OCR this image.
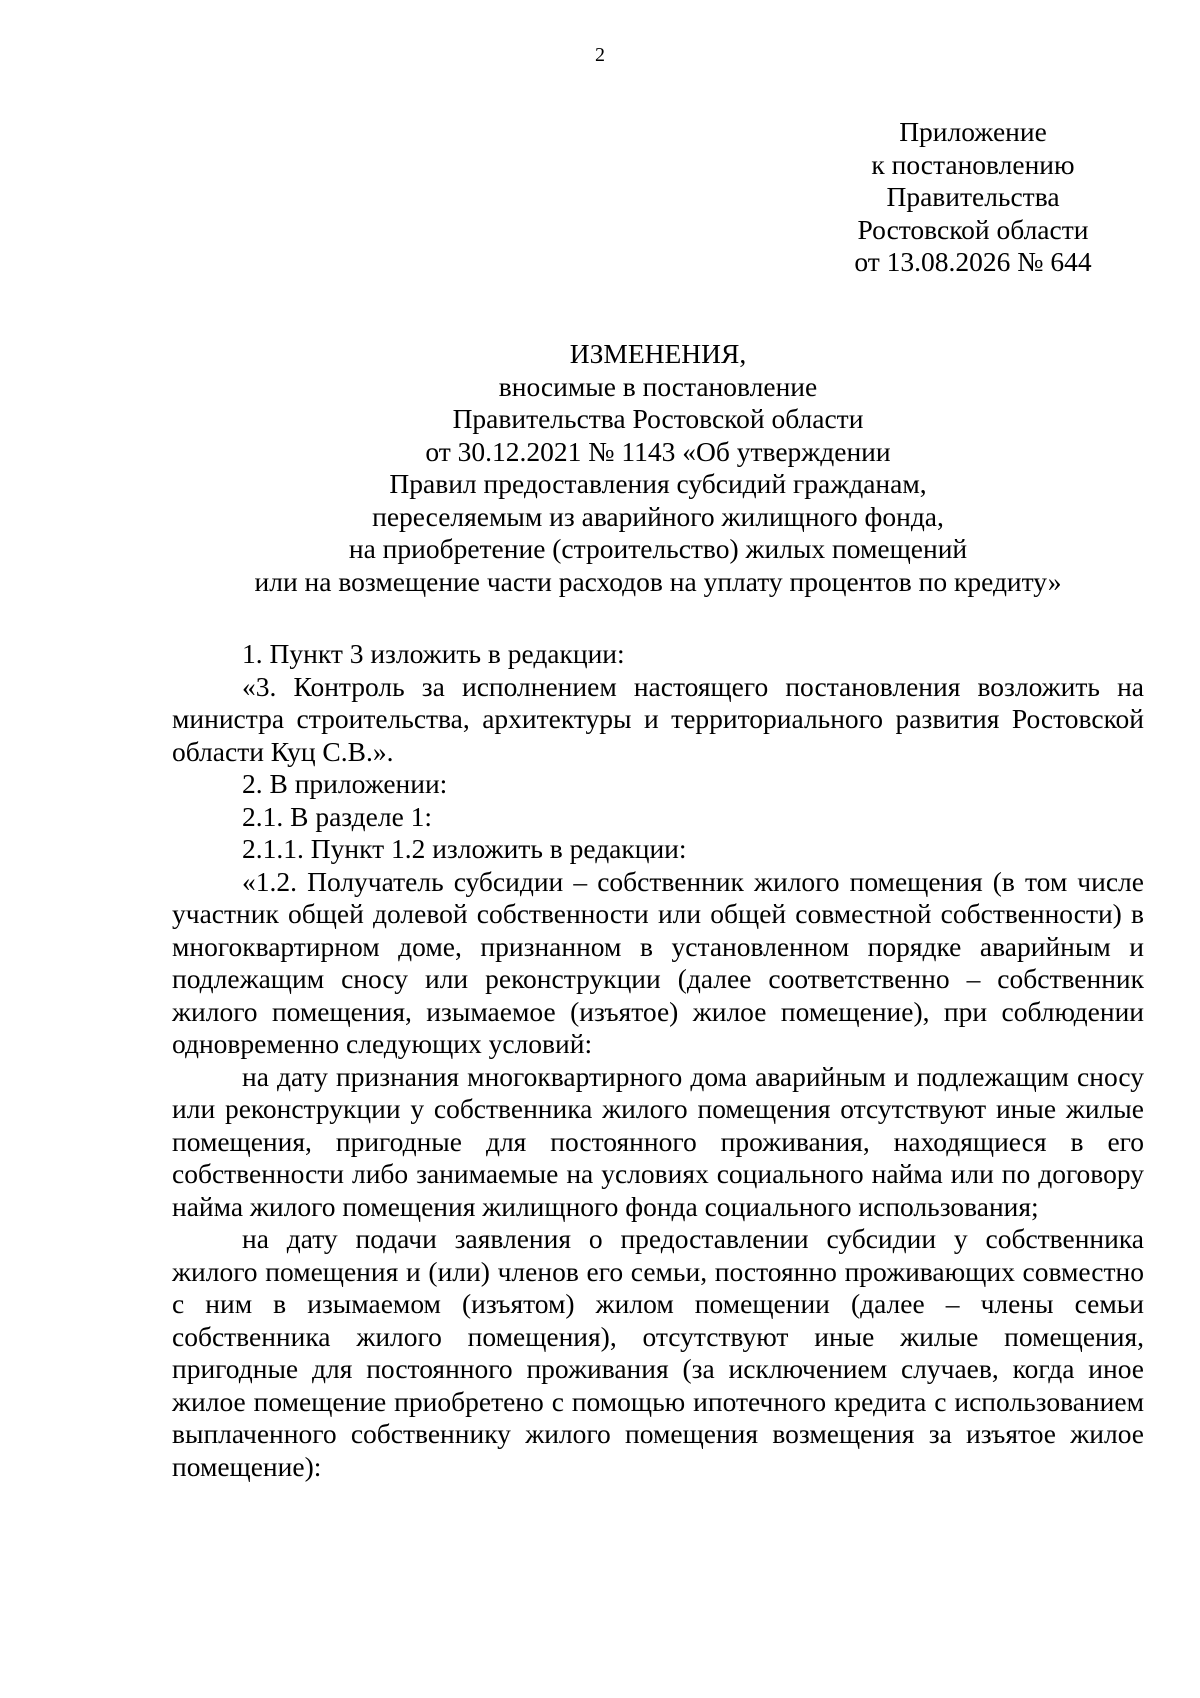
2
Приложение
к постановлению
Правительства
Ростовской области
от 13.08.2026 № 644
ИЗМЕНЕНИЯ,
вносимые в постановление
Правительства Ростовской области
от 30.12.2021 № 1143 «Об утверждении
Правил предоставления субсидий гражданам,
переселяемым из аварийного жилищного фонда,
на приобретение (строительство) жилых помещений
или на возмещение части расходов на уплату процентов по кредиту»

1. Пункт 3 изложить в редакции:

«3. Контроль за исполнением настоящего постановления возложить на министра строительства, архитектуры и территориального развития Ростовской области Куц С.В.».

2. В приложении:

2.1. В разделе 1:

2.1.1. Пункт 1.2 изложить в редакции:

«1.2. Получатель субсидии – собственник жилого помещения (в том числе участник общей долевой собственности или общей совместной собственности) в многоквартирном доме, признанном в установленном порядке аварийным и подлежащим сносу или реконструкции (далее соответственно – собственник жилого помещения, изымаемое (изъятое) жилое помещение), при соблюдении одновременно следующих условий:

на дату признания многоквартирного дома аварийным и подлежащим сносу или реконструкции у собственника жилого помещения отсутствуют иные жилые помещения, пригодные для постоянного проживания, находящиеся в его собственности либо занимаемые на условиях социального найма или по договору найма жилого помещения жилищного фонда социального использования;

на дату подачи заявления о предоставлении субсидии у собственника жилого помещения и (или) членов его семьи, постоянно проживающих совместно с ним в изымаемом (изъятом) жилом помещении (далее – члены семьи собственника жилого помещения), отсутствуют иные жилые помещения, пригодные для постоянного проживания (за исключением случаев, когда иное жилое помещение приобретено с помощью ипотечного кредита с использованием выплаченного собственнику жилого помещения возмещения за изъятое жилое помещение):
